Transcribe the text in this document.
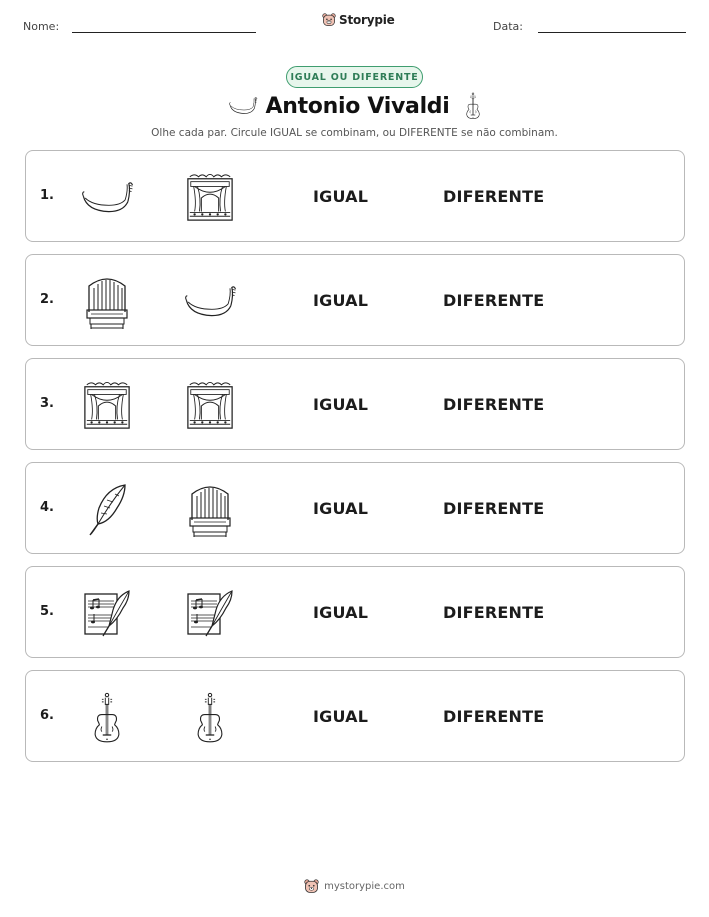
Nome:	Storypie	Data:
IGUAL OU DIFERENTE
Antonio Vivaldi
Olhe cada par. Circule IGUAL se combinam, ou DIFERENTE se não combinam.
1.	IGUAL	DIFERENTE
2.	IGUAL	DIFERENTE
3.	IGUAL	DIFERENTE
4.	IGUAL	DIFERENTE
5.	IGUAL	DIFERENTE
6.	IGUAL	DIFERENTE
mystorypie.com
